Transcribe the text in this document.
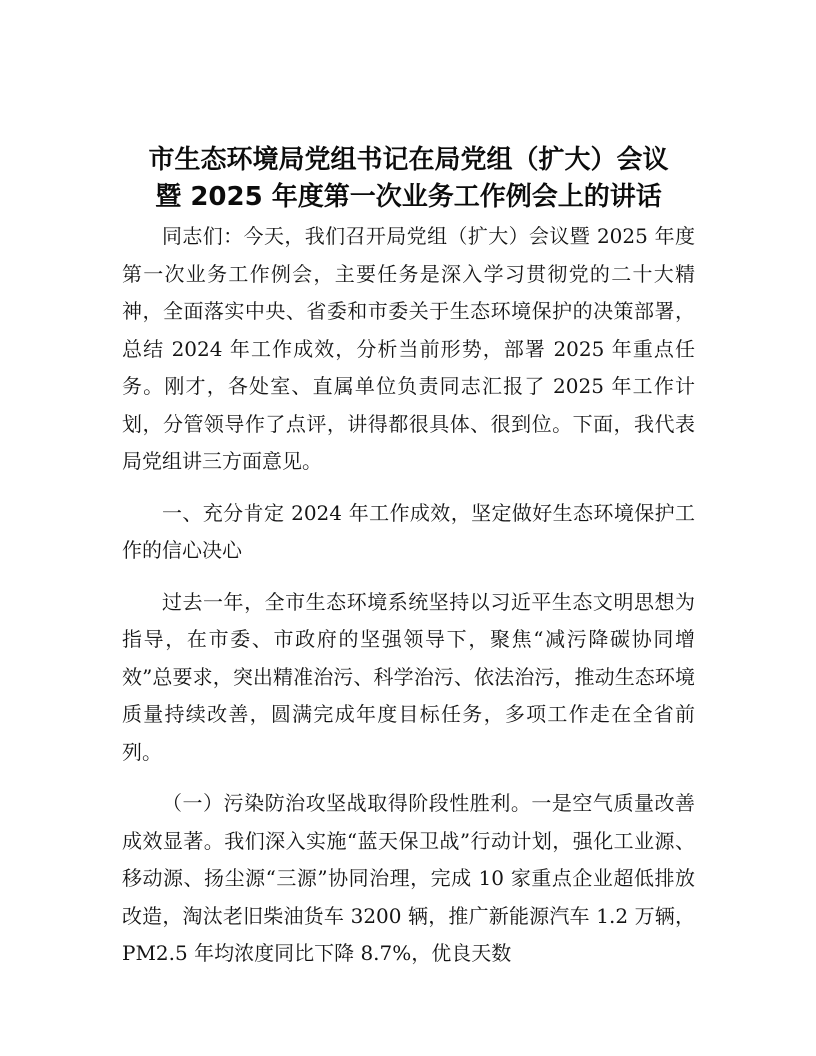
市生态环境局党组书记在局党组（扩大）会议
暨 2025 年度第一次业务工作例会上的讲话

同志们：今天，我们召开局党组（扩大）会议暨 2025 年度第一次业务工作例会，主要任务是深入学习贯彻党的二十大精神，全面落实中央、省委和市委关于生态环境保护的决策部署，总结 2024 年工作成效，分析当前形势，部署 2025 年重点任务。刚才，各处室、直属单位负责同志汇报了 2025 年工作计划，分管领导作了点评，讲得都很具体、很到位。下面，我代表局党组讲三方面意见。

一、充分肯定 2024 年工作成效，坚定做好生态环境保护工作的信心决心

过去一年，全市生态环境系统坚持以习近平生态文明思想为指导，在市委、市政府的坚强领导下，聚焦“减污降碳协同增效”总要求，突出精准治污、科学治污、依法治污，推动生态环境质量持续改善，圆满完成年度目标任务，多项工作走在全省前列。

（一）污染防治攻坚战取得阶段性胜利。一是空气质量改善成效显著。我们深入实施“蓝天保卫战”行动计划，强化工业源、移动源、扬尘源“三源”协同治理，完成 10 家重点企业超低排放改造，淘汰老旧柴油货车 3200 辆，推广新能源汽车 1.2 万辆，PM2.5 年均浓度同比下降 8.7%，优良天数
